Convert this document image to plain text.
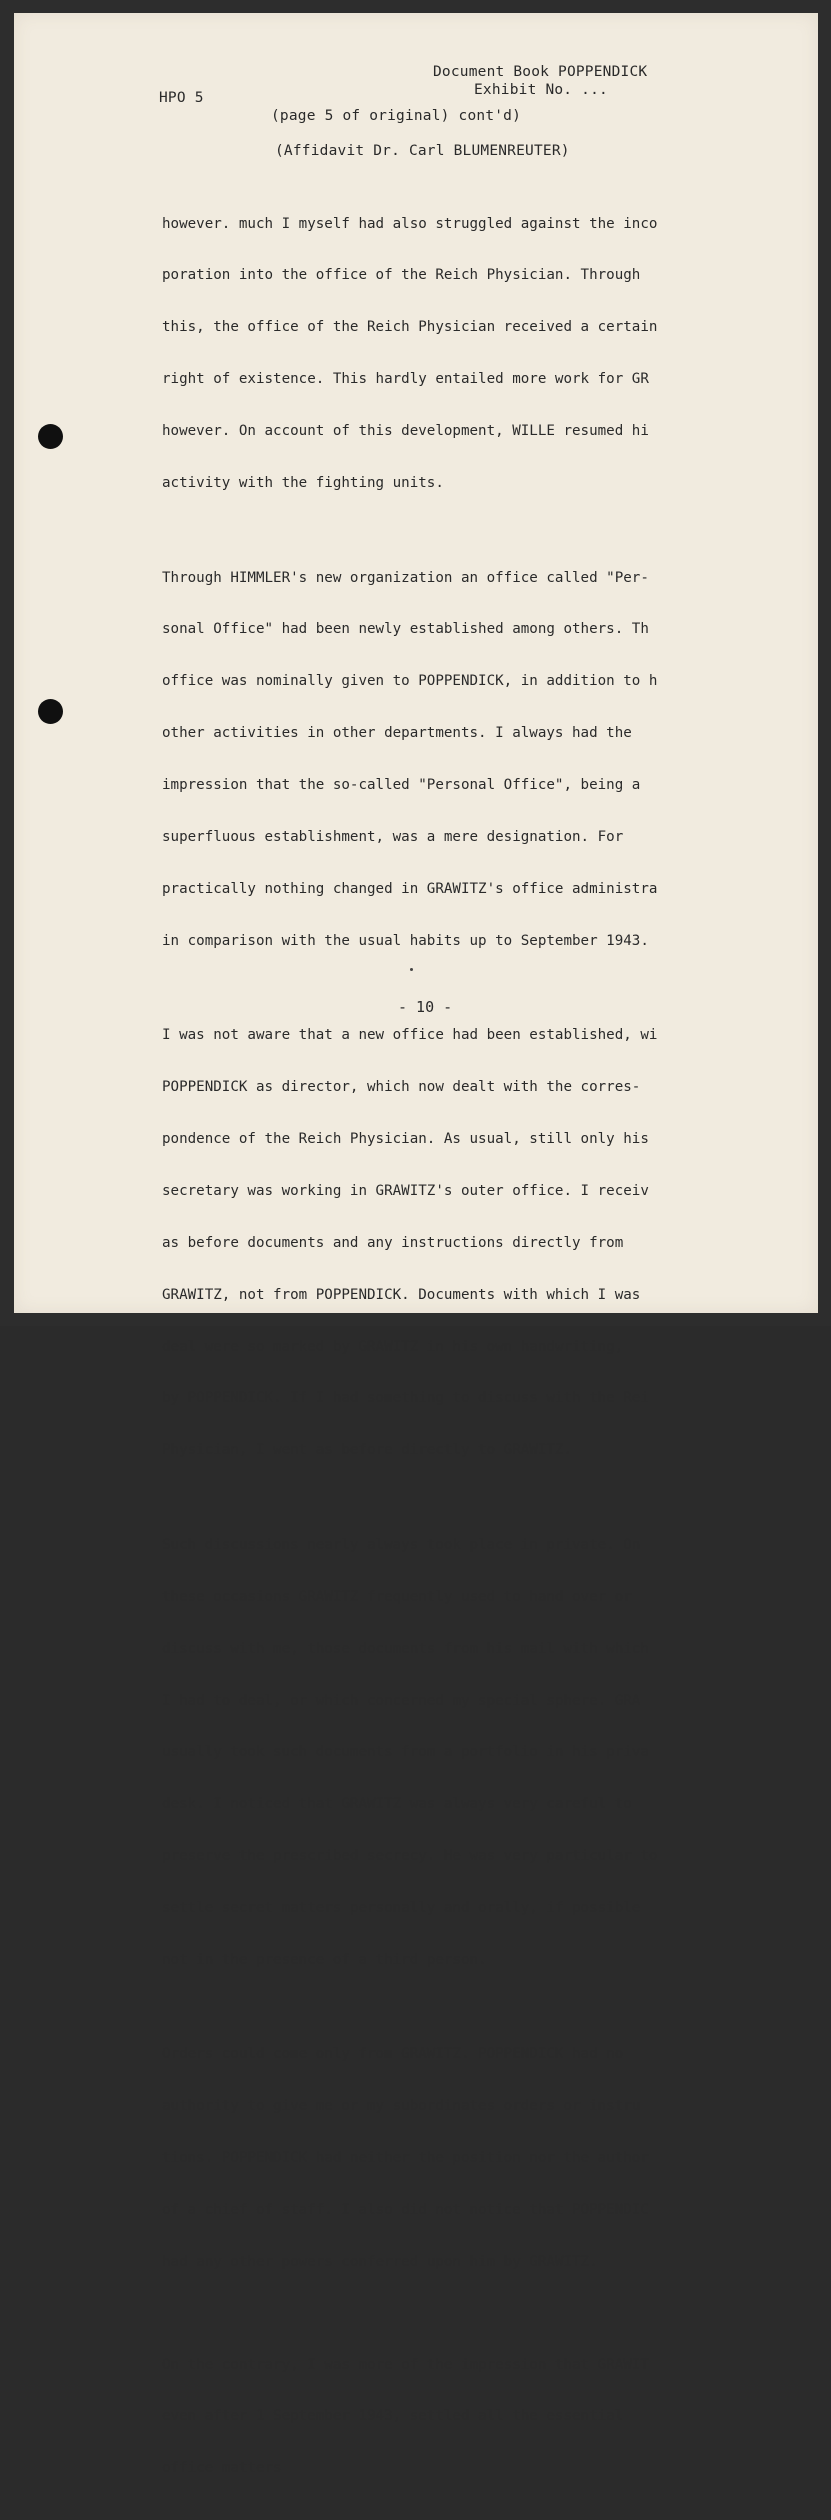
HPO 5
Document Book POPPENDICK
Exhibit No. ...
(page 5 of original) cont'd)
(Affidavit Dr. Carl BLUMENREUTER)

however. much I myself had also struggled against the inco

poration into the office of the Reich Physician. Through

this, the office of the Reich Physician received a certain

right of existence. This hardly entailed more work for GR

however. On account of this development, WILLE resumed hi

activity with the fighting units.

Through HIMMLER's new organization an office called "Per-

sonal Office" had been newly established among others. Th

office was nominally given to POPPENDICK, in addition to h

other activities in other departments. I always had the

impression that the so-called "Personal Office", being a

superfluous establishment, was a mere designation. For

practically nothing changed in GRAWITZ's office administra

in comparison with the usual habits up to September 1943.

I was not aware that a new office had been established, wi

POPPENDICK as director, which now dealt with the corres-

pondence of the Reich Physician. As usual, still only his

secretary was working in GRAWITZ's outer office. I receiv

as before documents and any instructions directly from

GRAWITZ, not from POPPENDICK. Documents with which I was

deal were so marked by GRAWITZ in his own handwriting,

by POPPENDICK. If I had something to discuss with the Rei

Physician, I went as before directly to GRAWITZ.

Such discussions nearly always took place in private. On

these occasions GRAWITZ frequently used to hand over or

discuss with me, those documents from his mail with which

I had to deal, or which concerned my special sphere. GRA

usually took such documents from a portfolio in his priva

desk. I noticed that GRAWITZ was always very careful to

preserve the prescribed secrecy. He was very particular to

settle secret matters personally and orally, if possible

not in the presence of a third person.

Orders could come only from GRAWITZ. POPPENDICK had no

authority to give me or my subordinates orders or instru

tions. POPPENDICK had neither the position nor the author

of a chief of staff. I also did not notice that POPPENDIC

had any other powers conferred upon him by GRAWITZ.

On the contrary, I was more of the impression that GRAWIT

even after 1 September 1943, settled all the essential

office matters

- 10 -
